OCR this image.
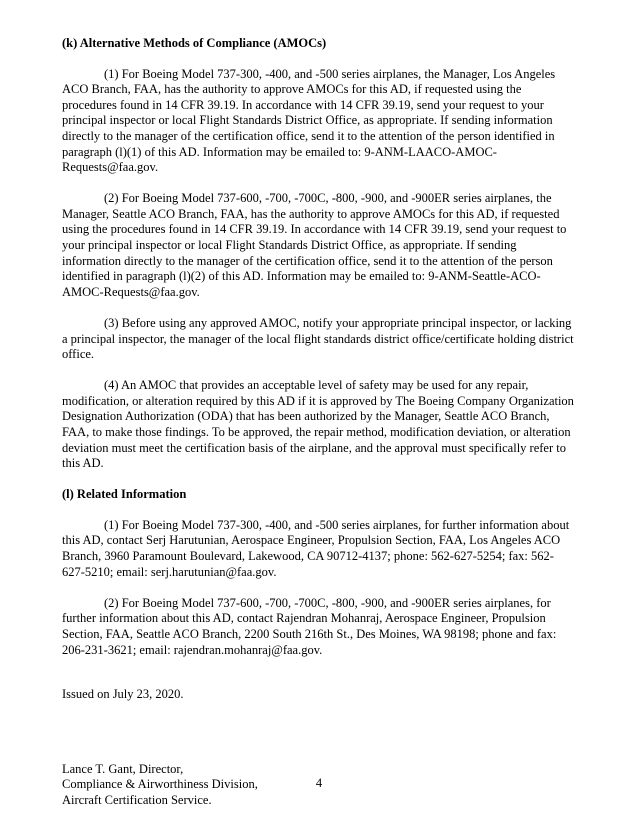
(k) Alternative Methods of Compliance (AMOCs)

(1) For Boeing Model 737-300, -400, and -500 series airplanes, the Manager, Los Angeles ACO Branch, FAA, has the authority to approve AMOCs for this AD, if requested using the procedures found in 14 CFR 39.19. In accordance with 14 CFR 39.19, send your request to your principal inspector or local Flight Standards District Office, as appropriate. If sending information directly to the manager of the certification office, send it to the attention of the person identified in paragraph (l)(1) of this AD. Information may be emailed to: 9-ANM-LAACO-AMOC-Requests@faa.gov.

(2) For Boeing Model 737-600, -700, -700C, -800, -900, and -900ER series airplanes, the Manager, Seattle ACO Branch, FAA, has the authority to approve AMOCs for this AD, if requested using the procedures found in 14 CFR 39.19. In accordance with 14 CFR 39.19, send your request to your principal inspector or local Flight Standards District Office, as appropriate. If sending information directly to the manager of the certification office, send it to the attention of the person identified in paragraph (l)(2) of this AD. Information may be emailed to: 9-ANM-Seattle-ACO-AMOC-Requests@faa.gov.

(3) Before using any approved AMOC, notify your appropriate principal inspector, or lacking a principal inspector, the manager of the local flight standards district office/certificate holding district office.

(4) An AMOC that provides an acceptable level of safety may be used for any repair, modification, or alteration required by this AD if it is approved by The Boeing Company Organization Designation Authorization (ODA) that has been authorized by the Manager, Seattle ACO Branch, FAA, to make those findings. To be approved, the repair method, modification deviation, or alteration deviation must meet the certification basis of the airplane, and the approval must specifically refer to this AD.

(l) Related Information

(1) For Boeing Model 737-300, -400, and -500 series airplanes, for further information about this AD, contact Serj Harutunian, Aerospace Engineer, Propulsion Section, FAA, Los Angeles ACO Branch, 3960 Paramount Boulevard, Lakewood, CA 90712-4137; phone: 562-627-5254; fax: 562-627-5210; email: serj.harutunian@faa.gov.

(2) For Boeing Model 737-600, -700, -700C, -800, -900, and -900ER series airplanes, for further information about this AD, contact Rajendran Mohanraj, Aerospace Engineer, Propulsion Section, FAA, Seattle ACO Branch, 2200 South 216th St., Des Moines, WA 98198; phone and fax: 206-231-3621; email: rajendran.mohanraj@faa.gov.

Issued on July 23, 2020.
Lance T. Gant, Director,
Compliance & Airworthiness Division,
Aircraft Certification Service.
4
